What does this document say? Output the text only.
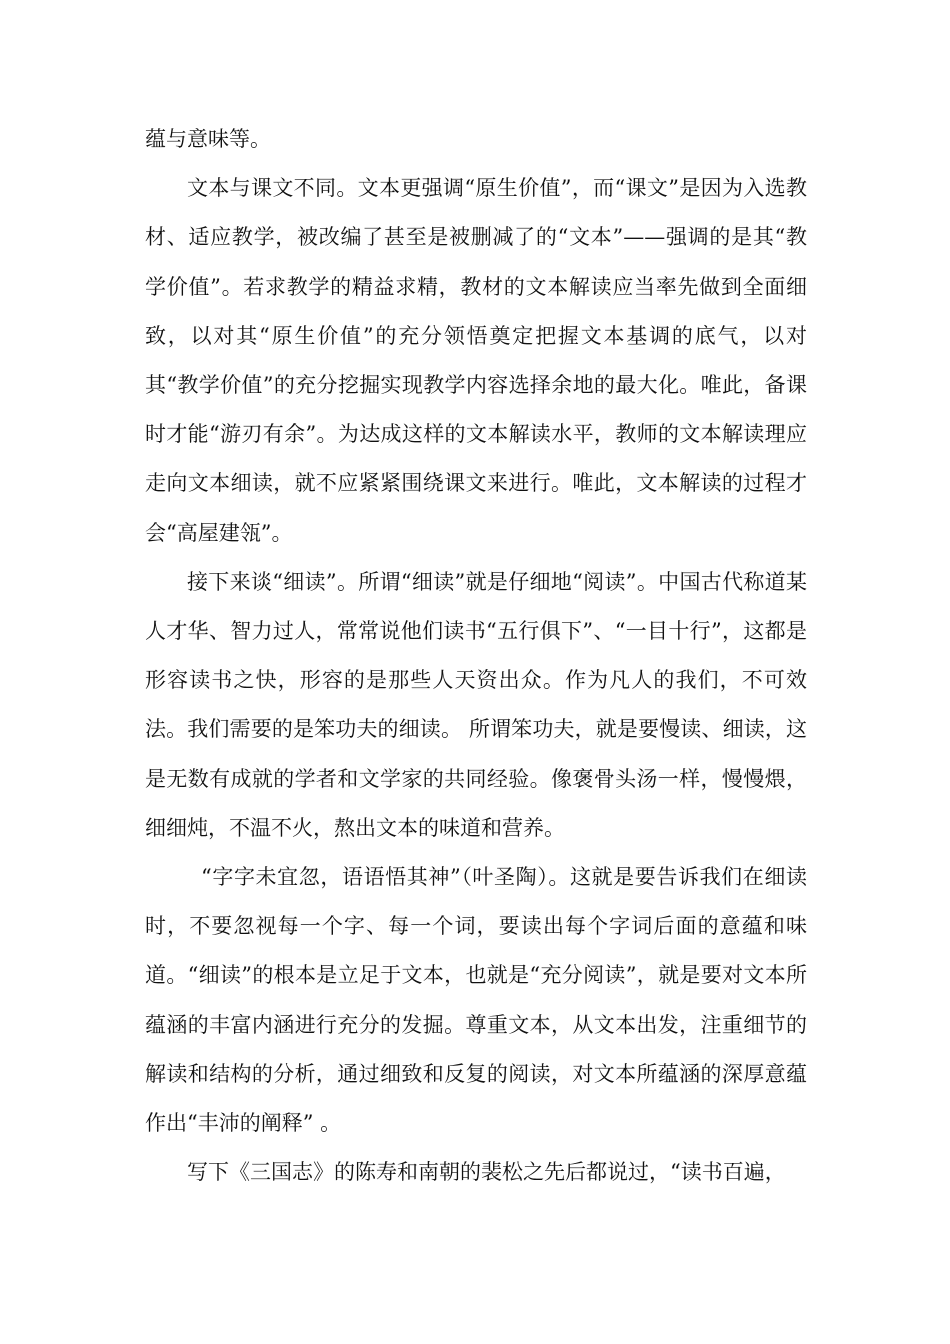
蕴与意味等。

文本与课文不同。文本更强调“原生价值”，而“课文”是因为入选教材、适应教学，被改编了甚至是被删减了的“文本”——强调的是其“教学价值”。若求教学的精益求精，教材的文本解读应当率先做到全面细致，以对其“原生价值”的充分领悟奠定把握文本基调的底气，以对其“教学价值”的充分挖掘实现教学内容选择余地的最大化。唯此，备课时才能“游刃有余”。为达成这样的文本解读水平，教师的文本解读理应走向文本细读，就不应紧紧围绕课文来进行。唯此，文本解读的过程才会“高屋建瓴”。

接下来谈“细读”。所谓“细读”就是仔细地“阅读”。中国古代称道某人才华、智力过人，常常说他们读书“五行俱下”、“一目十行”，这都是形容读书之快，形容的是那些人天资出众。作为凡人的我们，不可效法。我们需要的是笨功夫的细读。 所谓笨功夫，就是要慢读、细读，这是无数有成就的学者和文学家的共同经验。像褒骨头汤一样，慢慢煨，细细炖，不温不火，熬出文本的味道和营养。

“字字未宜忽，语语悟其神”（叶圣陶）。这就是要告诉我们在细读时，不要忽视每一个字、每一个词，要读出每个字词后面的意蕴和味道。“细读”的根本是立足于文本，也就是“充分阅读”，就是要对文本所蕴涵的丰富内涵进行充分的发掘。尊重文本，从文本出发，注重细节的解读和结构的分析，通过细致和反复的阅读，对文本所蕴涵的深厚意蕴作出“丰沛的阐释” 。

写下《三国志》的陈寿和南朝的裴松之先后都说过，“读书百遍，
